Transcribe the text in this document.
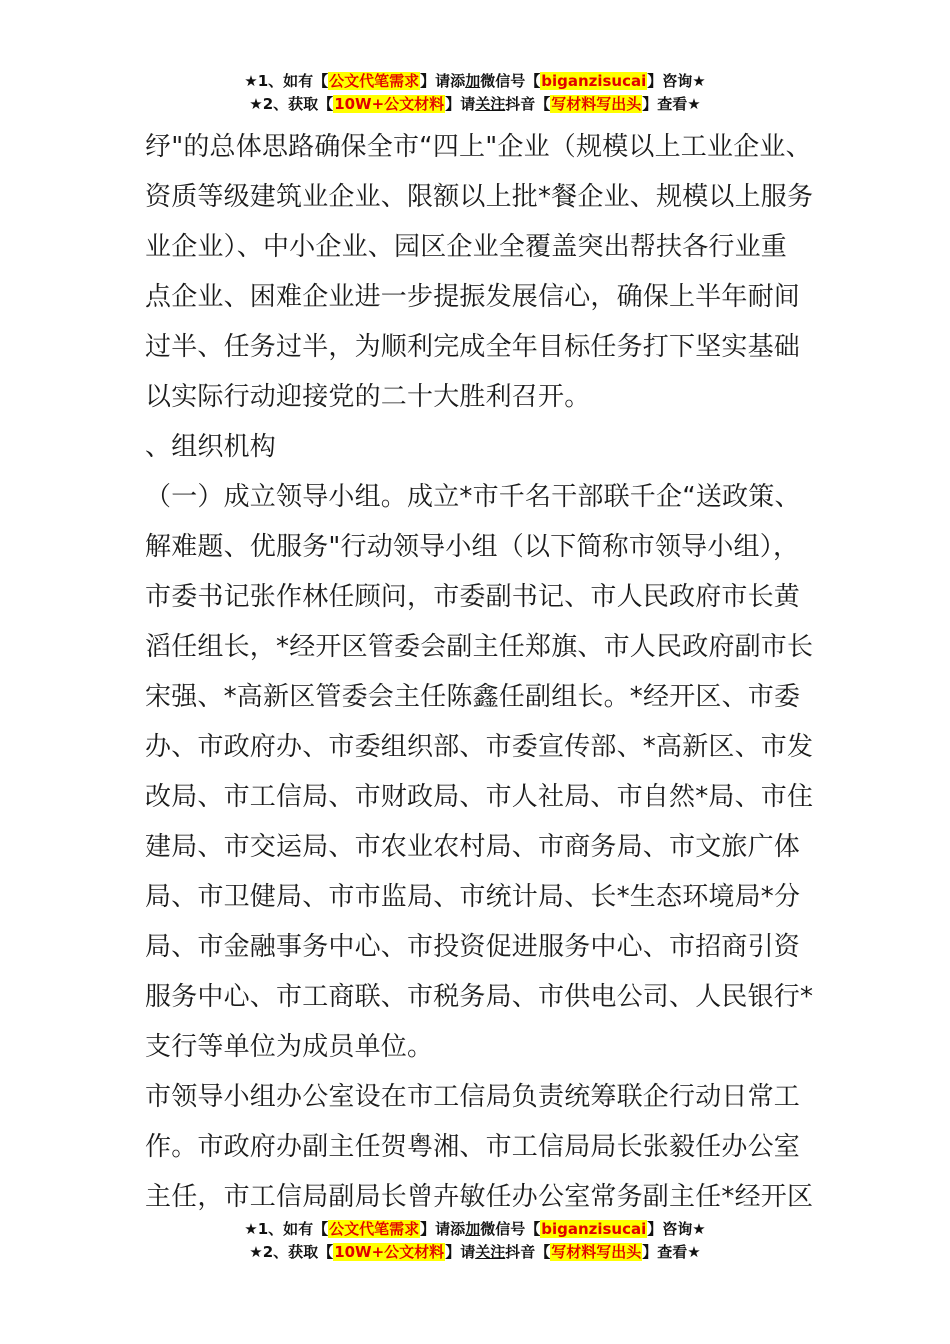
★1、如有【公文代笔需求】请添加微信号【biganzisucai】咨询★
★2、获取【10W+公文材料】请关注抖音【写材料写出头】查看★
纾"的总体思路确保全市“四上"企业（规模以上工业企业、
资质等级建筑业企业、限额以上批*餐企业、规模以上服务
业企业）、中小企业、园区企业全覆盖突出帮扶各行业重
点企业、困难企业进一步提振发展信心，确保上半年耐间
过半、任务过半，为顺利完成全年目标任务打下坚实基础
以实际行动迎接党的二十大胜利召开。
、组织机构
（一）成立领导小组。成立*市千名干部联千企“送政策、
解难题、优服务"行动领导小组（以下简称市领导小组），
市委书记张作林任顾问，市委副书记、市人民政府市长黄
滔任组长，*经开区管委会副主任郑旗、市人民政府副市长
宋强、*高新区管委会主任陈鑫任副组长。*经开区、市委
办、市政府办、市委组织部、市委宣传部、*高新区、市发
改局、市工信局、市财政局、市人社局、市自然*局、市住
建局、市交运局、市农业农村局、市商务局、市文旅广体
局、市卫健局、市市监局、市统计局、长*生态环境局*分
局、市金融事务中心、市投资促进服务中心、市招商引资
服务中心、市工商联、市税务局、市供电公司、人民银行*
支行等单位为成员单位。
市领导小组办公室设在市工信局负责统筹联企行动日常工
作。市政府办副主任贺粤湘、市工信局局长张毅任办公室
主任，市工信局副局长曾卉敏任办公室常务副主任*经开区
★1、如有【公文代笔需求】请添加微信号【biganzisucai】咨询★
★2、获取【10W+公文材料】请关注抖音【写材料写出头】查看★
